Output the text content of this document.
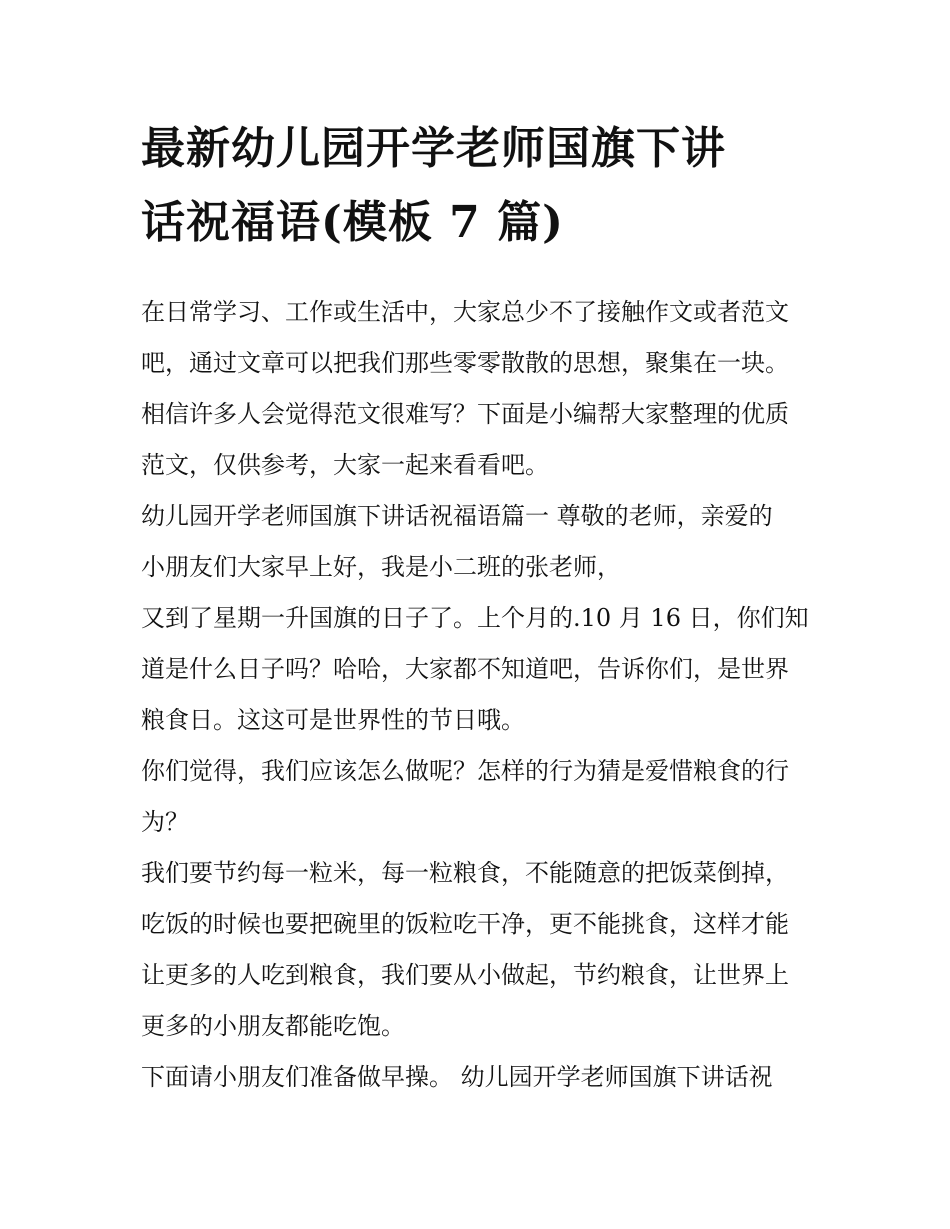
最新幼儿园开学老师国旗下讲
话祝福语(模板 7 篇)
在日常学习、工作或生活中，大家总少不了接触作文或者范文
吧，通过文章可以把我们那些零零散散的思想，聚集在一块。
相信许多人会觉得范文很难写？下面是小编帮大家整理的优质
范文，仅供参考，大家一起来看看吧。
幼儿园开学老师国旗下讲话祝福语篇一 尊敬的老师，亲爱的
小朋友们大家早上好，我是小二班的张老师，
又到了星期一升国旗的日子了。上个月的.10 月 16 日，你们知
道是什么日子吗？哈哈，大家都不知道吧，告诉你们，是世界
粮食日。这这可是世界性的节日哦。
你们觉得，我们应该怎么做呢？怎样的行为猜是爱惜粮食的行
为？
我们要节约每一粒米，每一粒粮食，不能随意的把饭菜倒掉，
吃饭的时候也要把碗里的饭粒吃干净，更不能挑食，这样才能
让更多的人吃到粮食，我们要从小做起，节约粮食，让世界上
更多的小朋友都能吃饱。
下面请小朋友们准备做早操。 幼儿园开学老师国旗下讲话祝
